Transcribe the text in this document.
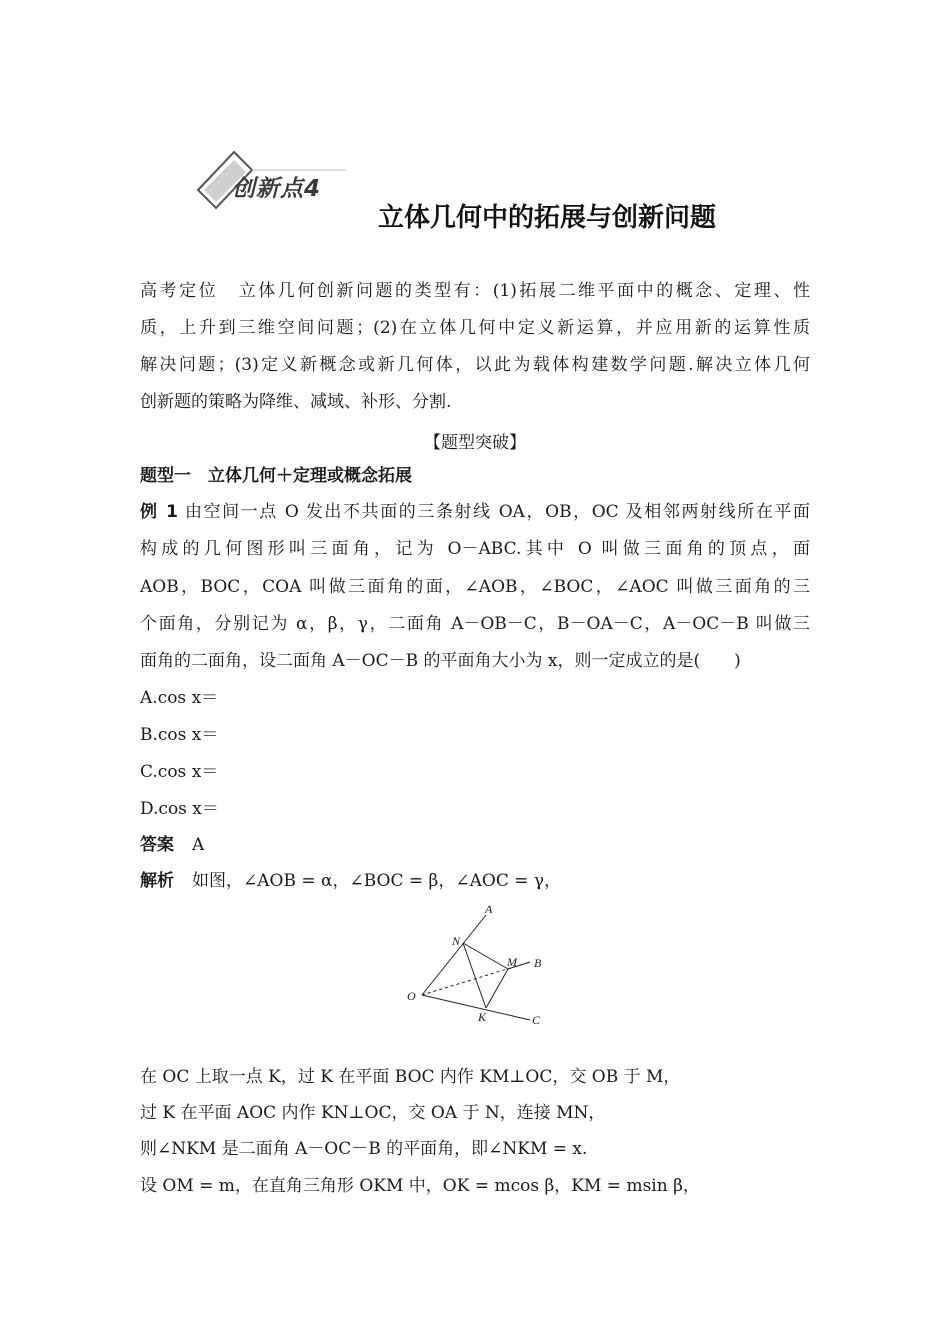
创新点4
立体几何中的拓展与创新问题
高考定位 立体几何创新问题的类型有：(1)拓展二维平面中的概念、定理、性
质，上升到三维空间问题；(2)在立体几何中定义新运算，并应用新的运算性质
解决问题；(3)定义新概念或新几何体，以此为载体构建数学问题.解决立体几何
创新题的策略为降维、减域、补形、分割.
【题型突破】
题型一　立体几何＋定理或概念拓展
例 1 由空间一点 O 发出不共面的三条射线 OA，OB，OC 及相邻两射线所在平面
构成的几何图形叫三面角，记为 O－ABC.其中 O 叫做三面角的顶点，面
AOB，BOC，COA 叫做三面角的面，∠AOB，∠BOC，∠AOC 叫做三面角的三
个面角，分别记为 α，β，γ，二面角 A－OB－C，B－OA－C，A－OC－B 叫做三
面角的二面角，设二面角 A－OC－B 的平面角大小为 x，则一定成立的是(　　)
A.cos x＝
B.cos x＝
C.cos x＝
D.cos x＝
答案 A
解析 如图，∠AOB = α，∠BOC = β，∠AOC = γ，
A
N
M B
O
K	C
在 OC 上取一点 K，过 K 在平面 BOC 内作 KM⊥OC，交 OB 于 M，
过 K 在平面 AOC 内作 KN⊥OC，交 OA 于 N，连接 MN，
则∠NKM 是二面角 A－OC－B 的平面角，即∠NKM = x.
设 OM = m，在直角三角形 OKM 中，OK = mcos β，KM = msin β，
